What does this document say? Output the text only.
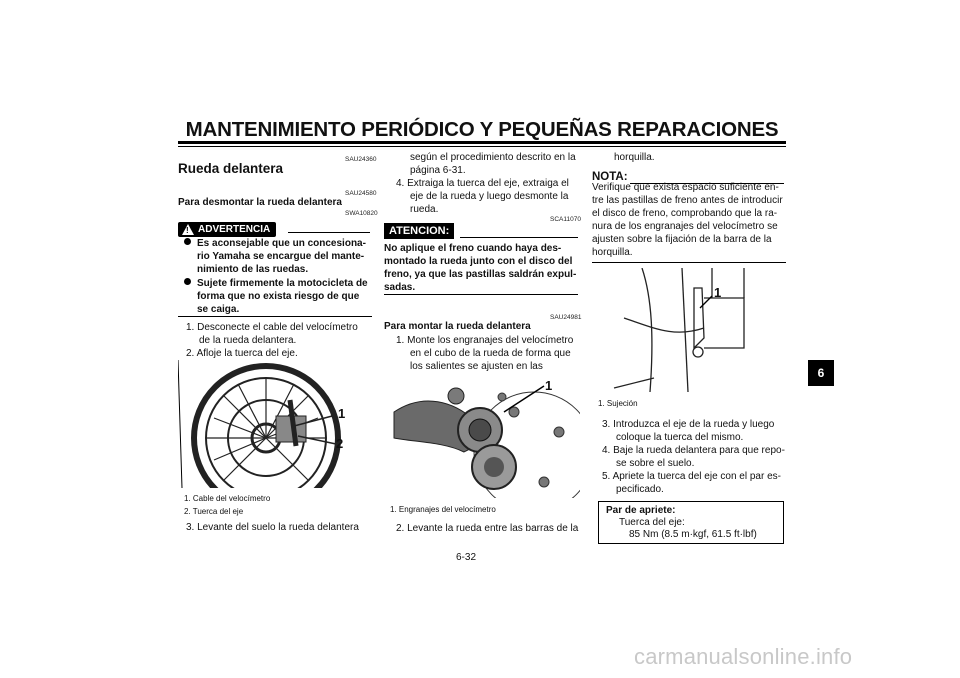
MANTENIMIENTO PERIÓDICO Y PEQUEÑAS REPARACIONES
6
SAU24360
Rueda delantera
SAU24580
Para desmontar la rueda delantera
SWA10820
! ADVERTENCIA
Es aconsejable que un concesiona-
rio Yamaha se encargue del mante-
nimiento de las ruedas.
Sujete firmemente la motocicleta de
forma que no exista riesgo de que
se caiga.
1. Desconecte el cable del velocímetro
de la rueda delantera.
2. Afloje la tuerca del eje.
1
2
1. Cable del velocímetro
2. Tuerca del eje
3. Levante del suelo la rueda delantera
según el procedimiento descrito en la
página 6-31.
4. Extraiga la tuerca del eje, extraiga el
eje de la rueda y luego desmonte la
rueda.
SCA11070
ATENCION:
No aplique el freno cuando haya des-
montado la rueda junto con el disco del
freno, ya que las pastillas saldrán expul-
sadas.
SAU24981
Para montar la rueda delantera
1. Monte los engranajes del velocímetro
en el cubo de la rueda de forma que
los salientes se ajusten en las
1
1. Engranajes del velocímetro
2. Levante la rueda entre las barras de la
horquilla.
NOTA:
Verifique que exista espacio suficiente en-
tre las pastillas de freno antes de introducir
el disco de freno, comprobando que la ra-
nura de los engranajes del velocímetro se
ajusten sobre la fijación de la barra de la
horquilla.
1
1. Sujeción
3. Introduzca el eje de la rueda y luego
coloque la tuerca del mismo.
4. Baje la rueda delantera para que repo-
se sobre el suelo.
5. Apriete la tuerca del eje con el par es-
pecificado.
Par de apriete:
Tuerca del eje:
85 Nm (8.5 m·kgf, 61.5 ft·lbf)
6-32
carmanualsonline.info
